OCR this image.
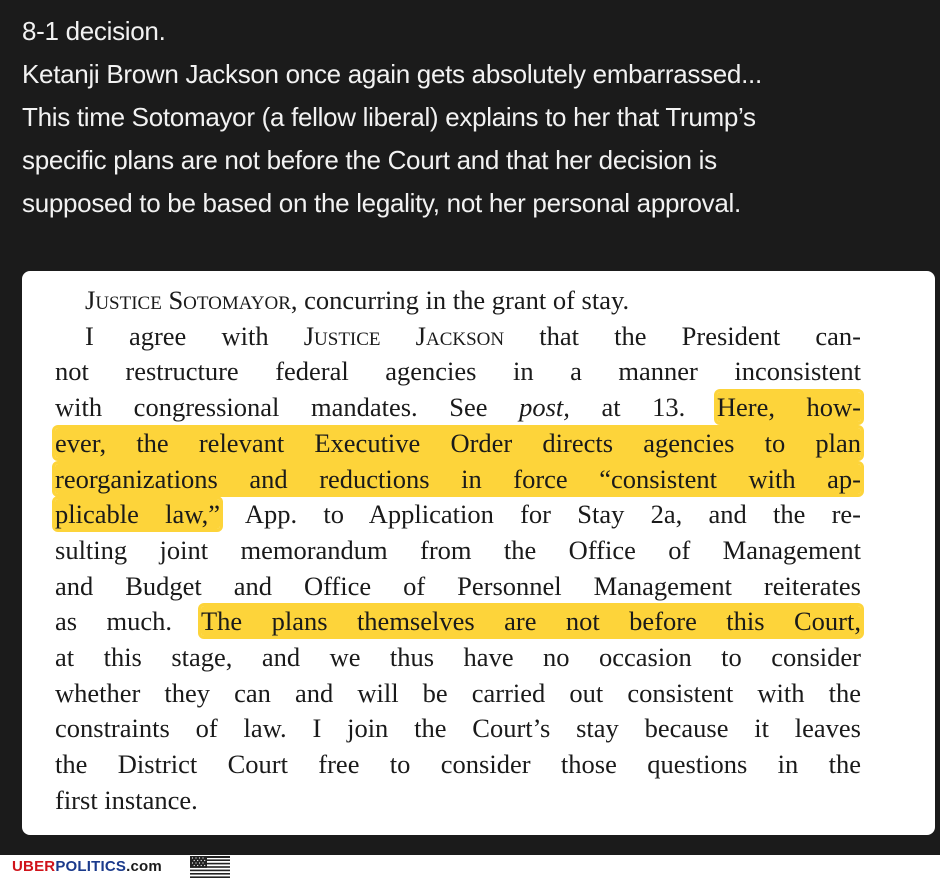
8-1 decision.

Ketanji Brown Jackson once again gets absolutely embarrassed...

This time Sotomayor (a fellow liberal) explains to her that Trump’s
specific plans are not before the Court and that her decision is
supposed to be based on the legality, not her personal approval.

Justice Sotomayor, concurring in the grant of stay.
I agree with Justice Jackson that the President can-
not restructure federal agencies in a manner inconsistent
with congressional mandates. See post, at 13. Here, how-
ever, the relevant Executive Order directs agencies to plan
reorganizations and reductions in force “consistent with ap-
plicable law,” App. to Application for Stay 2a, and the re-
sulting joint memorandum from the Office of Management
and Budget and Office of Personnel Management reiterates
as much. The plans themselves are not before this Court,
at this stage, and we thus have no occasion to consider
whether they can and will be carried out consistent with the
constraints of law. I join the Court’s stay because it leaves
the District Court free to consider those questions in the
first instance.
UBERPOLITICS.com
